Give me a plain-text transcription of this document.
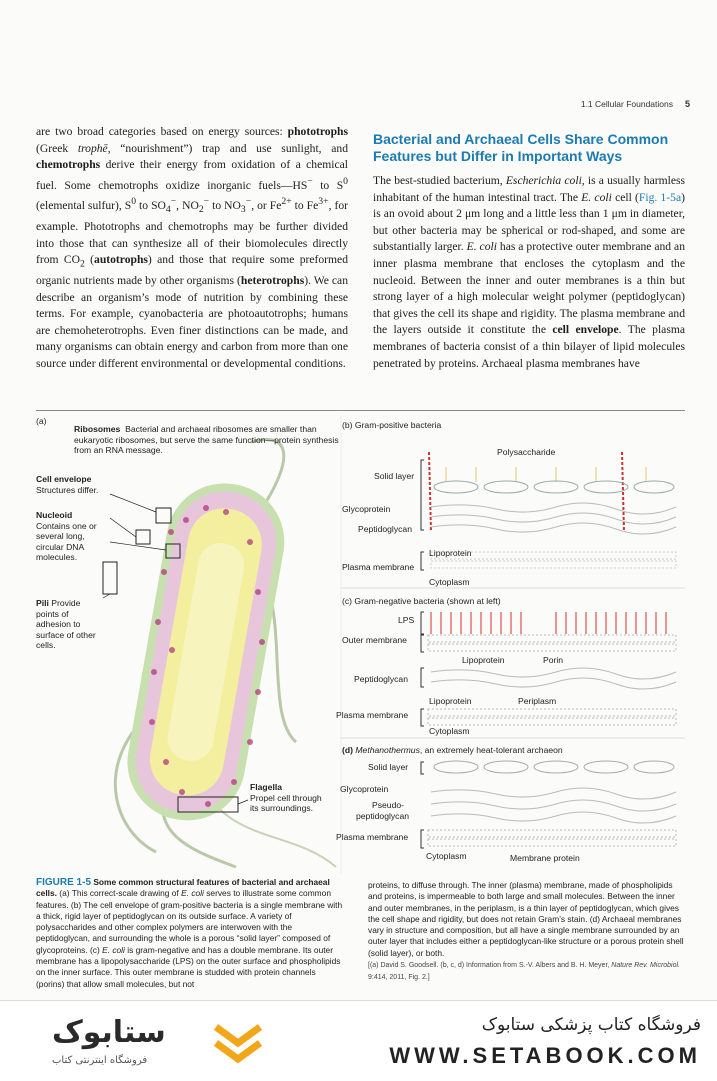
1.1 Cellular Foundations 5

are two broad categories based on energy sources: phototrophs (Greek trophē, “nourishment”) trap and use sunlight, and chemotrophs derive their energy from oxidation of a chemical fuel. Some chemotrophs oxidize inorganic fuels—HS− to $S^0$ (elemental sulfur), $S^0$ to $SO_4^-$, $NO_2^-$ to $NO_3^-$, or $Fe^{2+}$ to $Fe^{3+}$, for example. Phototrophs and chemotrophs may be further divided into those that can synthesize all of their biomolecules directly from $CO_2$ (autotrophs) and those that require some preformed organic nutrients made by other organisms (heterotrophs). We can describe an organism’s mode of nutrition by combining these terms. For example, cyanobacteria are photoautotrophs; humans are chemoheterotrophs. Even finer distinctions can be made, and many organisms can obtain energy and carbon from more than one source under different environmental or developmental conditions.

Bacterial and Archaeal Cells Share Common Features but Differ in Important Ways

The best-studied bacterium, Escherichia coli, is a usually harmless inhabitant of the human intestinal tract. The E. coli cell (Fig. 1-5a) is an ovoid about 2 μm long and a little less than 1 μm in diameter, but other bacteria may be spherical or rod-shaped, and some are substantially larger. E. coli has a protective outer membrane and an inner plasma membrane that encloses the cytoplasm and the nucleoid. Between the inner and outer membranes is a thin but strong layer of a high molecular weight polymer (peptidoglycan) that gives the cell its shape and rigidity. The plasma membrane and the layers outside it constitute the cell envelope. The plasma membranes of bacteria consist of a thin bilayer of lipid molecules penetrated by proteins. Archaeal plasma membranes have

(a)
Ribosomes Bacterial and archaeal ribosomes are smaller than eukaryotic ribosomes, but serve the same function—protein synthesis from an RNA message.
Cell envelope
Structures differ.
Nucleoid
Contains one or several long, circular DNA molecules.
Pili Provide points of adhesion to surface of other cells.
Flagella
Propel cell through its surroundings.
(b) Gram-positive bacteria
Polysaccharide
Solid layer
Glycoprotein
Peptidoglycan
Lipoprotein
Plasma membrane
Cytoplasm
(c) Gram-negative bacteria (shown at left)
LPS
Outer membrane
Lipoprotein	Porin
Peptidoglycan
Lipoprotein	Periplasm
Plasma membrane
Cytoplasm
(d) Methanothermus, an extremely heat-tolerant archaeon
Solid layer
Glycoprotein
Pseudo-
peptidoglycan
Plasma membrane
Cytoplasm	Membrane protein
FIGURE 1-5 Some common structural features of bacterial and archaeal cells. (a) This correct-scale drawing of E. coli serves to illustrate some common features. (b) The cell envelope of gram-positive bacteria is a single membrane with a thick, rigid layer of peptidoglycan on its outside surface. A variety of polysaccharides and other complex polymers are interwoven with the peptidoglycan, and surrounding the whole is a porous “solid layer” composed of glycoproteins. (c) E. coli is gram-negative and has a double membrane. Its outer membrane has a lipopolysaccharide (LPS) on the outer surface and phospholipids on the inner surface. This outer membrane is studded with protein channels (porins) that allow small molecules, but not
proteins, to diffuse through. The inner (plasma) membrane, made of phospholipids and proteins, is impermeable to both large and small molecules. Between the inner and outer membranes, in the periplasm, is a thin layer of peptidoglycan, which gives the cell shape and rigidity, but does not retain Gram’s stain. (d) Archaeal membranes vary in structure and composition, but all have a single membrane surrounded by an outer layer that includes either a peptidoglycan-like structure or a porous protein shell (solid layer), or both.
[(a) David S. Goodsell. (b, c, d) Information from S.-V. Albers and B. H. Meyer, Nature Rev. Microbiol. 9:414, 2011, Fig. 2.]
ستابوک
فروشگاه اینترنتی کتاب
فروشگاه کتاب پزشکی ستابوک
WWW.SETABOOK.COM
